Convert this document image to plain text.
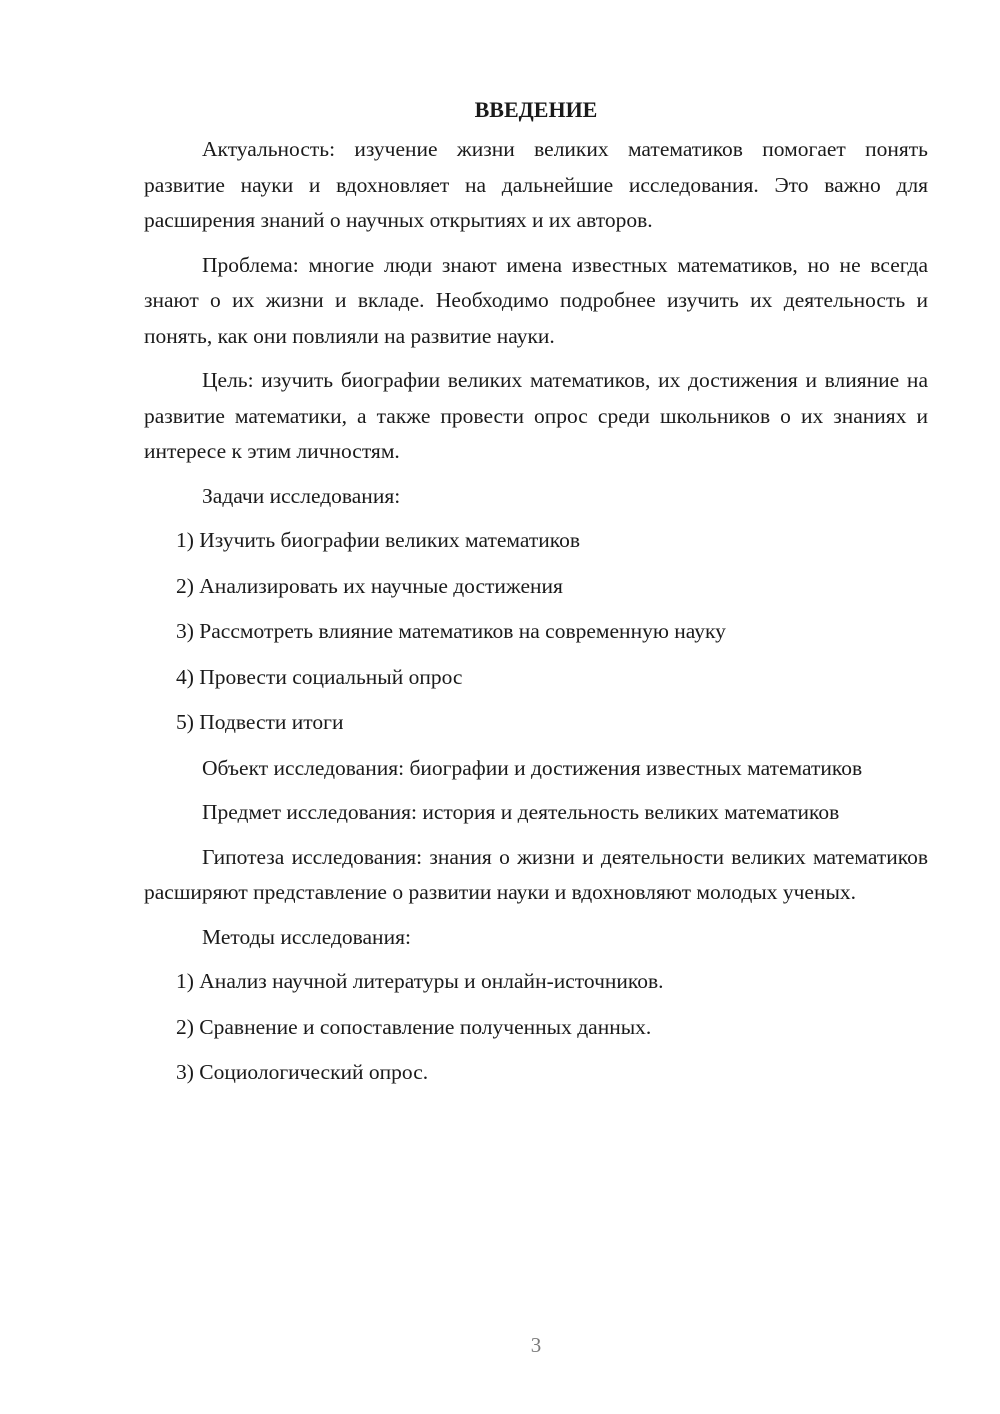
ВВЕДЕНИЕ

Актуальность: изучение жизни великих математиков помогает понять развитие науки и вдохновляет на дальнейшие исследования. Это важно для расширения знаний о научных открытиях и их авторов.

Проблема: многие люди знают имена известных математиков, но не всегда знают о их жизни и вкладе. Необходимо подробнее изучить их деятельность и понять, как они повлияли на развитие науки.

Цель: изучить биографии великих математиков, их достижения и влияние на развитие математики, а также провести опрос среди школьников о их знаниях и интересе к этим личностям.

Задачи исследования:

1) Изучить биографии великих математиков
2) Анализировать их научные достижения
3) Рассмотреть влияние математиков на современную науку
4) Провести социальный опрос
5) Подвести итоги

Объект исследования: биографии и достижения известных математиков

Предмет исследования: история и деятельность великих математиков

Гипотеза исследования: знания о жизни и деятельности великих математиков расширяют представление о развитии науки и вдохновляют молодых ученых.

Методы исследования:

1) Анализ научной литературы и онлайн-источников.
2) Сравнение и сопоставление полученных данных.
3) Социологический опрос.
3
